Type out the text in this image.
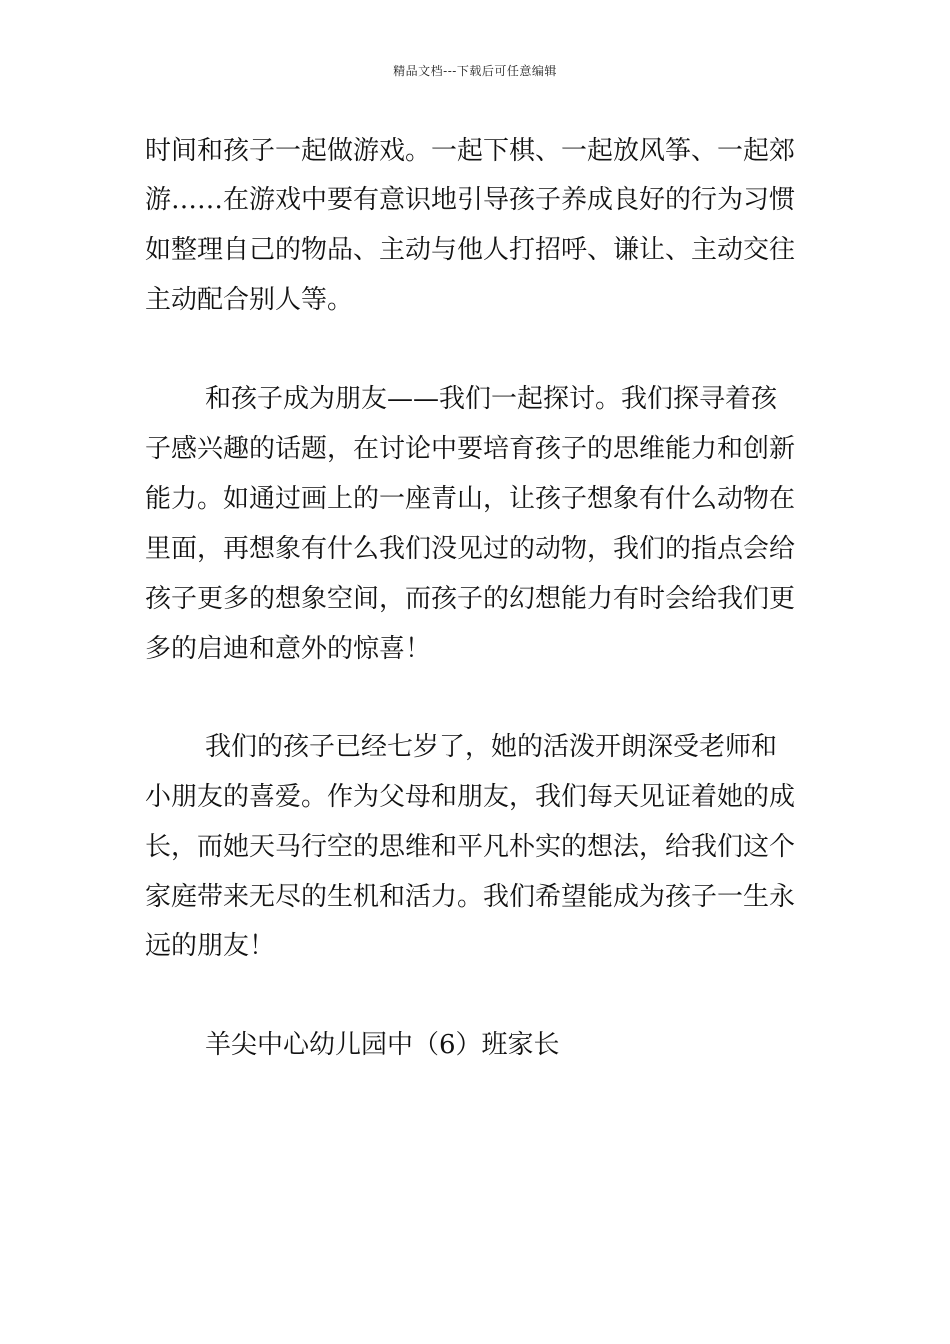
精品文档---下载后可任意编辑
时间和孩子一起做游戏。一起下棋、一起放风筝、一起郊
游……在游戏中要有意识地引导孩子养成良好的行为习惯
如整理自己的物品、主动与他人打招呼、谦让、主动交往
主动配合别人等。
和孩子成为朋友——我们一起探讨。我们探寻着孩
子感兴趣的话题，在讨论中要培育孩子的思维能力和创新
能力。如通过画上的一座青山，让孩子想象有什么动物在
里面，再想象有什么我们没见过的动物，我们的指点会给
孩子更多的想象空间，而孩子的幻想能力有时会给我们更
多的启迪和意外的惊喜！
我们的孩子已经七岁了，她的活泼开朗深受老师和
小朋友的喜爱。作为父母和朋友，我们每天见证着她的成
长，而她天马行空的思维和平凡朴实的想法，给我们这个
家庭带来无尽的生机和活力。我们希望能成为孩子一生永
远的朋友！
羊尖中心幼儿园中（6）班家长
